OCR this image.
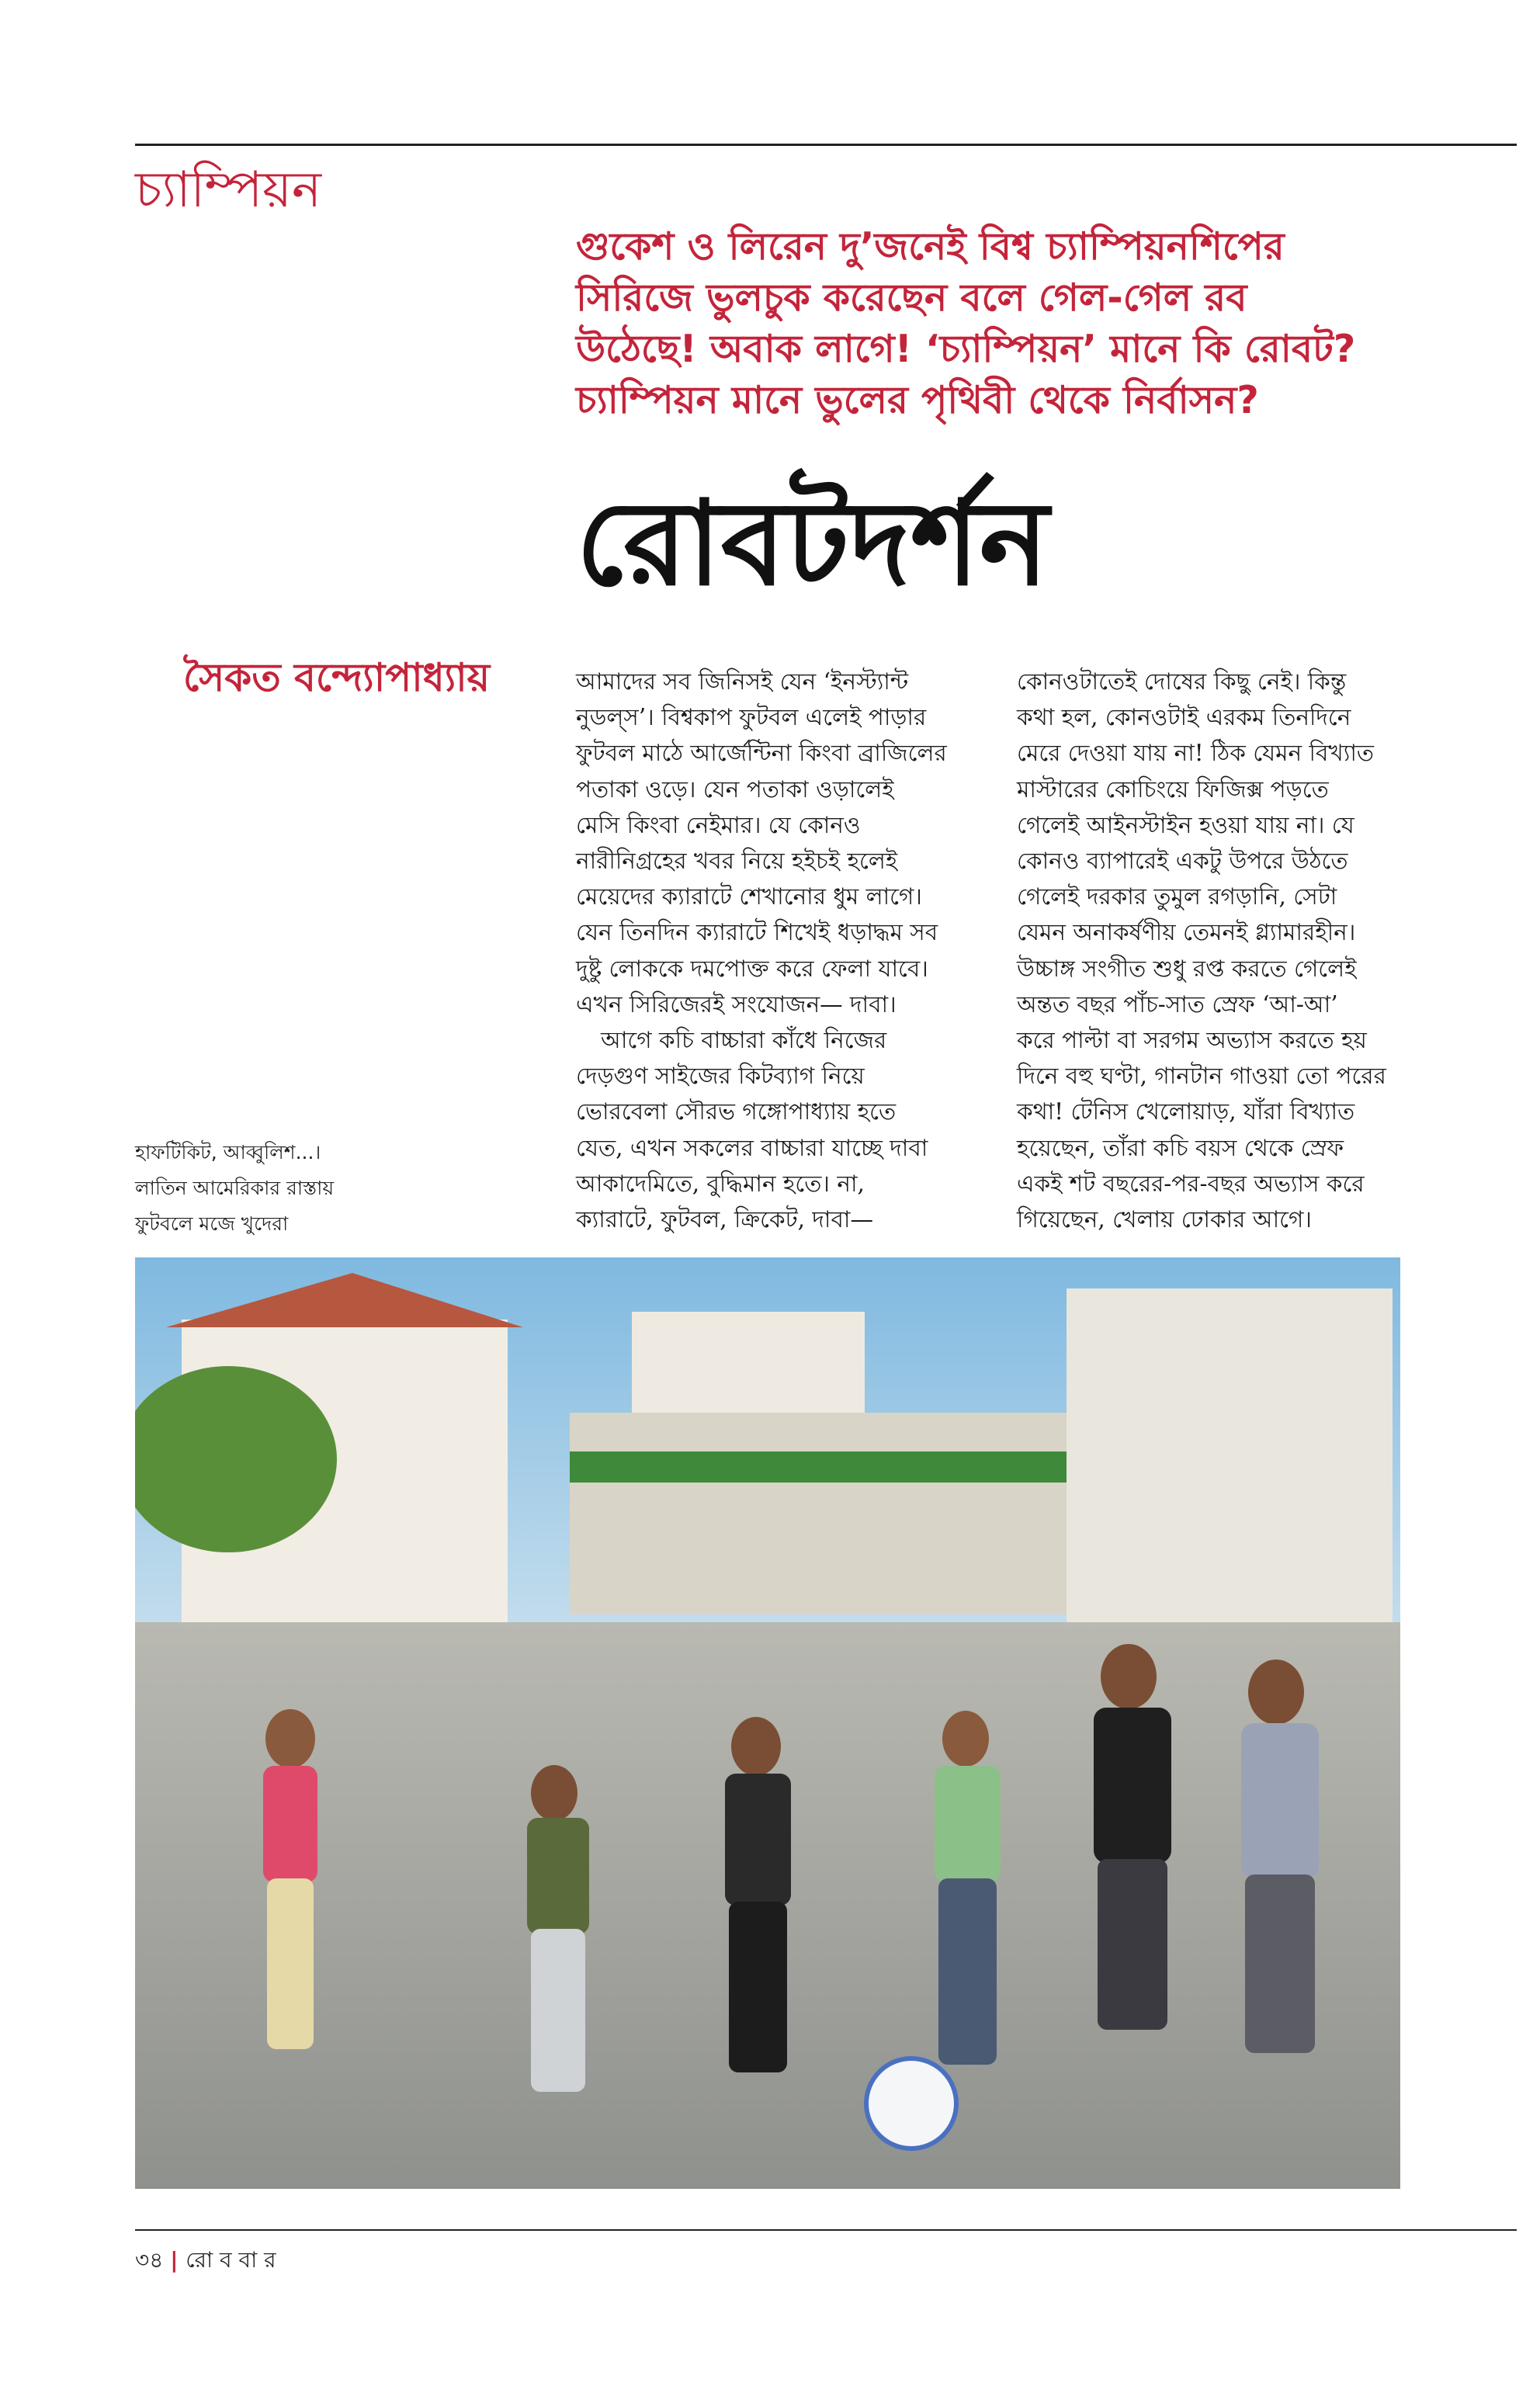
চ্যাম্পিয়ন
গুকেশ ও লিরেন দু’জনেই বিশ্ব চ্যাম্পিয়নশিপের
সিরিজে ভুলচুক করেছেন বলে গেল-গেল রব
উঠেছে! অবাক লাগে! ‘চ্যাম্পিয়ন’ মানে কি রোবট?
চ্যাম্পিয়ন মানে ভুলের পৃথিবী থেকে নির্বাসন?
রোবটদর্শন
সৈকত বন্দ্যোপাধ্যায়	আমাদের সব জিনিসই যেন ‘ইনস্ট্যান্ট
নুডল্‌স’। বিশ্বকাপ ফুটবল এলেই পাড়ার
ফুটবল মাঠে আর্জেন্টিনা কিংবা ব্রাজিলের
পতাকা ওড়ে। যেন পতাকা ওড়ালেই
মেসি কিংবা নেইমার। যে কোনও
নারীনিগ্রহের খবর নিয়ে হইচই হলেই
মেয়েদের ক্যারাটে শেখানোর ধুম লাগে।
যেন তিনদিন ক্যারাটে শিখেই ধড়াদ্ধম সব
দুষ্টু লোককে দমপোক্ত করে ফেলা যাবে।
এখন সিরিজেরই সংযোজন— দাবা।
আগে কচি বাচ্চারা কাঁধে নিজের
দেড়গুণ সাইজের কিটব্যাগ নিয়ে
ভোরবেলা সৌরভ গঙ্গোপাধ্যায় হতে
যেত, এখন সকলের বাচ্চারা যাচ্ছে দাবা
আকাদেমিতে, বুদ্ধিমান হতে। না,
ক্যারাটে, ফুটবল, ক্রিকেট, দাবা—
কোনওটাতেই দোষের কিছু নেই। কিন্তু
কথা হল, কোনওটাই এরকম তিনদিনে
মেরে দেওয়া যায় না! ঠিক যেমন বিখ্যাত
মাস্টারের কোচিংয়ে ফিজিক্স পড়তে
গেলেই আইনস্টাইন হওয়া যায় না। যে
কোনও ব্যাপারেই একটু উপরে উঠতে
গেলেই দরকার তুমুল রগড়ানি, সেটা
যেমন অনাকর্ষণীয় তেমনই গ্ল্যামারহীন।
উচ্চাঙ্গ সংগীত শুধু রপ্ত করতে গেলেই
অন্তত বছর পাঁচ-সাত স্রেফ ‘আ-আ’
করে পাল্টা বা সরগম অভ্যাস করতে হয়
দিনে বহু ঘণ্টা, গানটান গাওয়া তো পরের
কথা! টেনিস খেলোয়াড়, যাঁরা বিখ্যাত
হয়েছেন, তাঁরা কচি বয়স থেকে স্রেফ
একই শট বছরের-পর-বছর অভ্যাস করে
গিয়েছেন, খেলায় ঢোকার আগে।
হাফটিকিট, আব্বুলিশ...।
লাতিন আমেরিকার রাস্তায়
ফুটবলে মজে খুদেরা
৩৪ | রো ব বা র
